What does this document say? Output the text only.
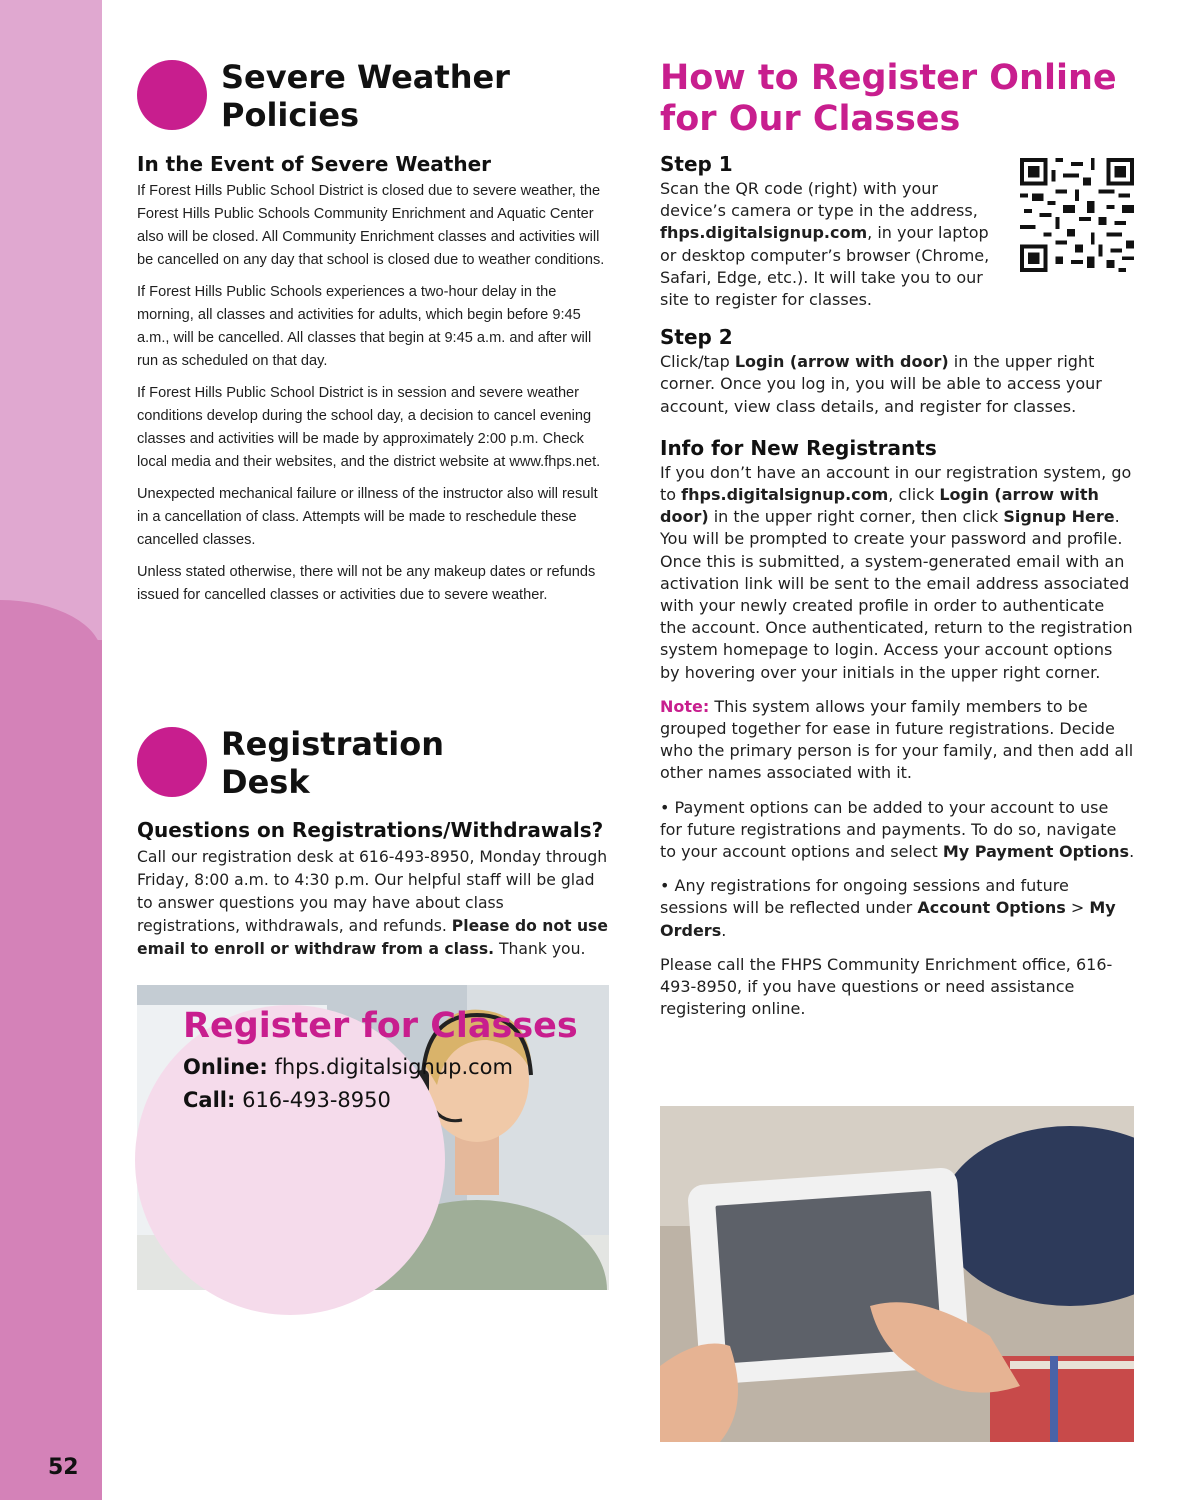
52
Severe Weather
Policies
In the Event of Severe Weather

If Forest Hills Public School District is closed due to severe weather, the Forest Hills Public Schools Community Enrichment and Aquatic Center also will be closed. All Community Enrichment classes and activities will be cancelled on any day that school is closed due to weather conditions.

If Forest Hills Public Schools experiences a two-hour delay in the morning, all classes and activities for adults, which begin before 9:45 a.m., will be cancelled. All classes that begin at 9:45 a.m. and after will run as scheduled on that day.

If Forest Hills Public School District is in session and severe weather conditions develop during the school day, a decision to cancel evening classes and activities will be made by approximately 2:00 p.m. Check local media and their websites, and the district website at www.fhps.net.

Unexpected mechanical failure or illness of the instructor also will result in a cancellation of class. Attempts will be made to reschedule these cancelled classes.

Unless stated otherwise, there will not be any makeup dates or refunds issued for cancelled classes or activities due to severe weather.

Registration
Desk
Questions on Registrations/Withdrawals?

Call our registration desk at 616-493-8950, Monday through Friday, 8:00 a.m. to 4:30 p.m. Our helpful staff will be glad to answer questions you may have about class registrations, withdrawals, and refunds. Please do not use email to enroll or withdraw from a class. Thank you.

Register for Classes
Online: fhps.digitalsignup.com
Call: 616-493-8950
How to Register Online
for Our Classes
Step 1

Scan the QR code (right) with your device’s camera or type in the address, fhps.digitalsignup.com, in your laptop or desktop computer’s browser (Chrome, Safari, Edge, etc.). It will take you to our site to register for classes.

Step 2

Click/tap Login (arrow with door) in the upper right corner. Once you log in, you will be able to access your account, view class details, and register for classes.

Info for New Registrants

If you don’t have an account in our registration system, go to fhps.digitalsignup.com, click Login (arrow with door) in the upper right corner, then click Signup Here. You will be prompted to create your password and profile. Once this is submitted, a system-generated email with an activation link will be sent to the email address associated with your newly created profile in order to authenticate the account. Once authenticated, return to the registration system homepage to login. Access your account options by hovering over your initials in the upper right corner.

Note: This system allows your family members to be grouped together for ease in future registrations. Decide who the primary person is for your family, and then add all other names associated with it.

• Payment options can be added to your account to use for future registrations and payments. To do so, navigate to your account options and select My Payment Options.

• Any registrations for ongoing sessions and future sessions will be reflected under Account Options > My Orders.

Please call the FHPS Community Enrichment office, 616-493-8950, if you have questions or need assistance registering online.
